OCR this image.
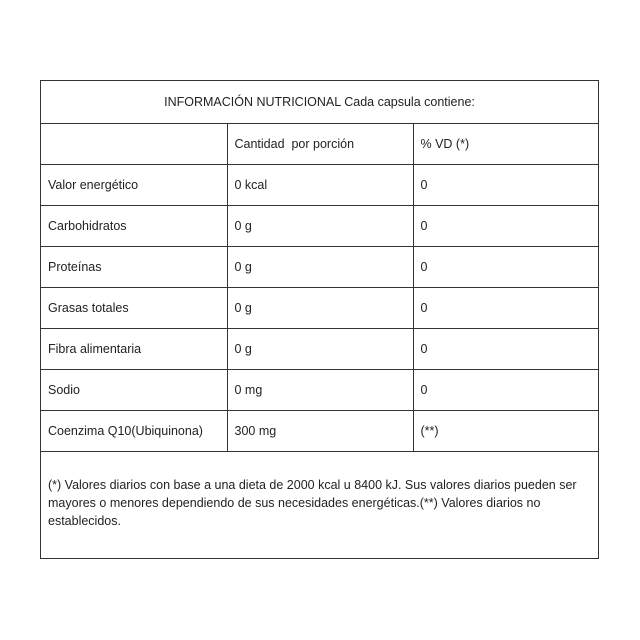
INFORMACIÓN NUTRICIONAL Cada capsula contiene:		
	Cantidad  por porción	% VD (*)
Valor energético	0 kcal	0
Carbohidratos	0 g	0
Proteínas	0 g	0
Grasas totales	0 g	0
Fibra alimentaria	0 g	0
Sodio	0 mg	0
Coenzima Q10(Ubiquinona)	300 mg	(**)
(*) Valores diarios con base a una dieta de 2000 kcal u 8400 kJ. Sus valores diarios pueden ser mayores o menores dependiendo de sus necesidades energéticas.(**) Valores diarios no establecidos.
